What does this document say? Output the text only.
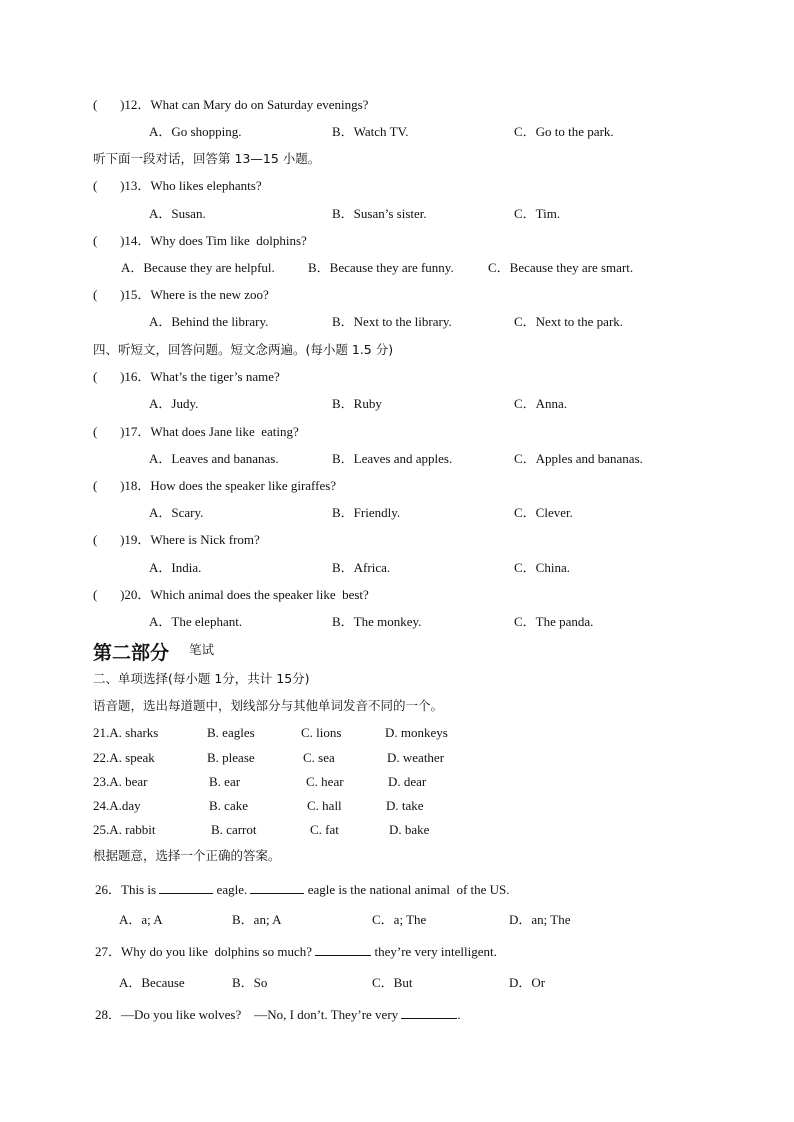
(       )12．What can Mary do on Saturday evenings?
A．Go shopping.	B．Watch TV.	C．Go to the park.
听下面一段对话，回答第 13—15 小题。
(       )13．Who likes elephants?
A．Susan.	B．Susan’s sister.	C．Tim.
(       )14．Why does Tim like  dolphins?
A．Because they are helpful.	B．Because they are funny.	C．Because they are smart.
(       )15．Where is the new zoo?
A．Behind the library.	B．Next to the library.	C．Next to the park.
四、听短文，回答问题。短文念两遍。(每小题 1.5 分)
(       )16．What’s the tiger’s name?
A．Judy.	B．Ruby	C．Anna.
(       )17．What does Jane like  eating?
A．Leaves and bananas.	B．Leaves and apples.	C．Apples and bananas.
(       )18．How does the speaker like giraffes?
A．Scary.	B．Friendly.	C．Clever.
(       )19．Where is Nick from?
A．India.	B．Africa.	C．China.
(       )20．Which animal does the speaker like  best?
A．The elephant.	B．The monkey.	C．The panda.
第二部分 笔试
二、单项选择(每小题 1分，共计 15分)
语音题，选出每道题中，划线部分与其他单词发音不同的一个。
21.A. sharks	B. eagles	C. lions	D. monkeys
22.A. speak	B. please	C. sea	D. weather
23.A. bear	B. ear	C. hear	D. dear
24.A.day	B. cake	C. hall	D. take
25.A. rabbit	B. carrot	C. fat	D. bake
根据题意，选择一个正确的答案。
26．This is	eagle.	eagle is the national animal  of the US.
A．a; A	B．an; A	C．a; The	D．an; The
27．Why do you like  dolphins so much?	they’re very intelligent.
A．Because	B．So	C．But	D．Or
28．—Do you like wolves?    —No, I don’t. They’re very	.
